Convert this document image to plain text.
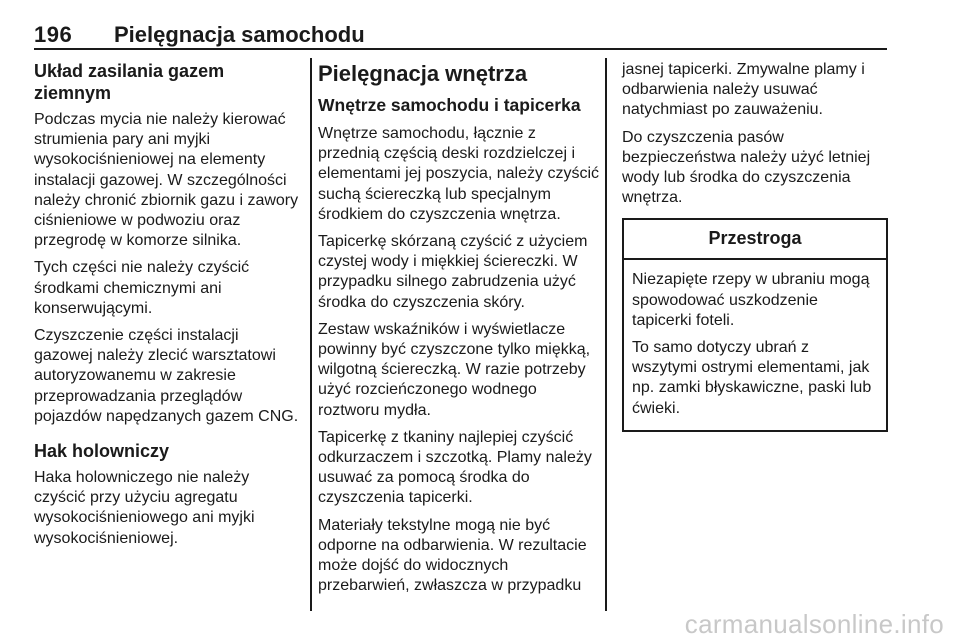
196 Pielęgnacja samochodu
Układ zasilania gazem ziemnym

Podczas mycia nie należy kierować strumienia pary ani myjki wysokociśnieniowej na elementy instalacji gazowej. W szczególności należy chronić zbiornik gazu i zawory ciśnieniowe w podwoziu oraz przegrodę w komorze silnika.

Tych części nie należy czyścić środkami chemicznymi ani konserwującymi.

Czyszczenie części instalacji gazowej należy zlecić warsztatowi autoryzowanemu w zakresie przeprowadzania przeglądów pojazdów napędzanych gazem CNG.

Hak holowniczy

Haka holowniczego nie należy czyścić przy użyciu agregatu wysokociśnieniowego ani myjki wysokociśnieniowej.

Pielęgnacja wnętrza
Wnętrze samochodu i tapicerka

Wnętrze samochodu, łącznie z przednią częścią deski rozdzielczej i elementami jej poszycia, należy czyścić suchą ściereczką lub specjalnym środkiem do czyszczenia wnętrza.

Tapicerkę skórzaną czyścić z użyciem czystej wody i miękkiej ściereczki. W przypadku silnego zabrudzenia użyć środka do czyszczenia skóry.

Zestaw wskaźników i wyświetlacze powinny być czyszczone tylko miękką, wilgotną ściereczką. W razie potrzeby użyć rozcieńczonego wodnego roztworu mydła.

Tapicerkę z tkaniny najlepiej czyścić odkurzaczem i szczotką. Plamy należy usuwać za pomocą środka do czyszczenia tapicerki.

Materiały tekstylne mogą nie być odporne na odbarwienia. W rezultacie może dojść do widocznych przebarwień, zwłaszcza w przypadku

jasnej tapicerki. Zmywalne plamy i odbarwienia należy usuwać natychmiast po zauważeniu.

Do czyszczenia pasów bezpieczeństwa należy użyć letniej wody lub środka do czyszczenia wnętrza.

Przestroga

Niezapięte rzepy w ubraniu mogą spowodować uszkodzenie tapicerki foteli.

To samo dotyczy ubrań z wszytymi ostrymi elementami, jak np. zamki błyskawiczne, paski lub ćwieki.

carmanualsonline.info
